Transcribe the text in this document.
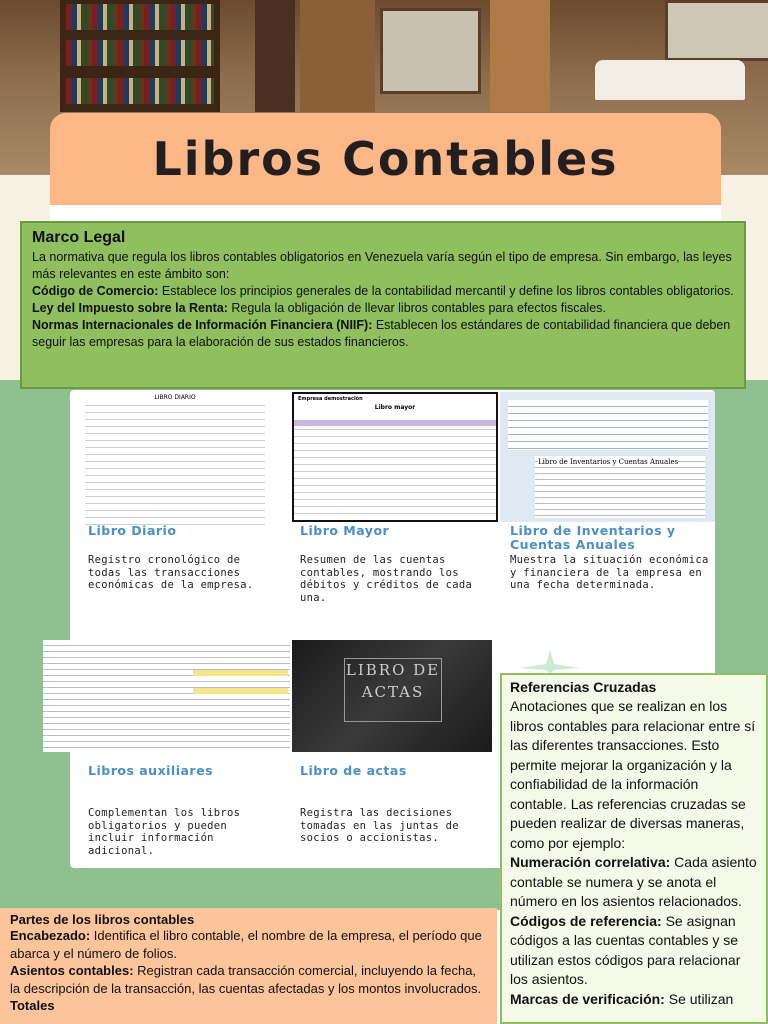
Libros Contables
Marco Legal

La normativa que regula los libros contables obligatorios en Venezuela varía según el tipo de empresa. Sin embargo, las leyes más relevantes en este ámbito son:

Código de Comercio: Establece los principios generales de la contabilidad mercantil y define los libros contables obligatorios.

Ley del Impuesto sobre la Renta: Regula la obligación de llevar libros contables para efectos fiscales.

Normas Internacionales de Información Financiera (NIIF): Establecen los estándares de contabilidad financiera que deben seguir las empresas para la elaboración de sus estados financieros.

LIBRO DIARIO
Libro Diario
Registro cronológico de todas las transacciones económicas de la empresa.
Empresa demostración
Libro mayor
Libro Mayor
Resumen de las cuentas contables, mostrando los débitos y créditos de cada una.
Libro de Inventarios y Cuentas Anuales
Libro de Inventarios y Cuentas Anuales
Muestra la situación económica y financiera de la empresa en una fecha determinada.
Libros auxiliares
Complementan los libros obligatorios y pueden incluir información adicional.
LIBRO DE ACTAS
Libro de actas
Registra las decisiones tomadas en las juntas de socios o accionistas.
Referencias Cruzadas

Anotaciones que se realizan en los libros contables para relacionar entre sí las diferentes transacciones. Esto permite mejorar la organización y la confiabilidad de la información contable. Las referencias cruzadas se pueden realizar de diversas maneras, como por ejemplo:

Numeración correlativa: Cada asiento contable se numera y se anota el número en los asientos relacionados.

Códigos de referencia: Se asignan códigos a las cuentas contables y se utilizan estos códigos para relacionar los asientos.

Marcas de verificación: Se utilizan

Partes de los libros contables

Encabezado: Identifica el libro contable, el nombre de la empresa, el período que abarca y el número de folios.

Asientos contables: Registran cada transacción comercial, incluyendo la fecha, la descripción de la transacción, las cuentas afectadas y los montos involucrados.

Totales
